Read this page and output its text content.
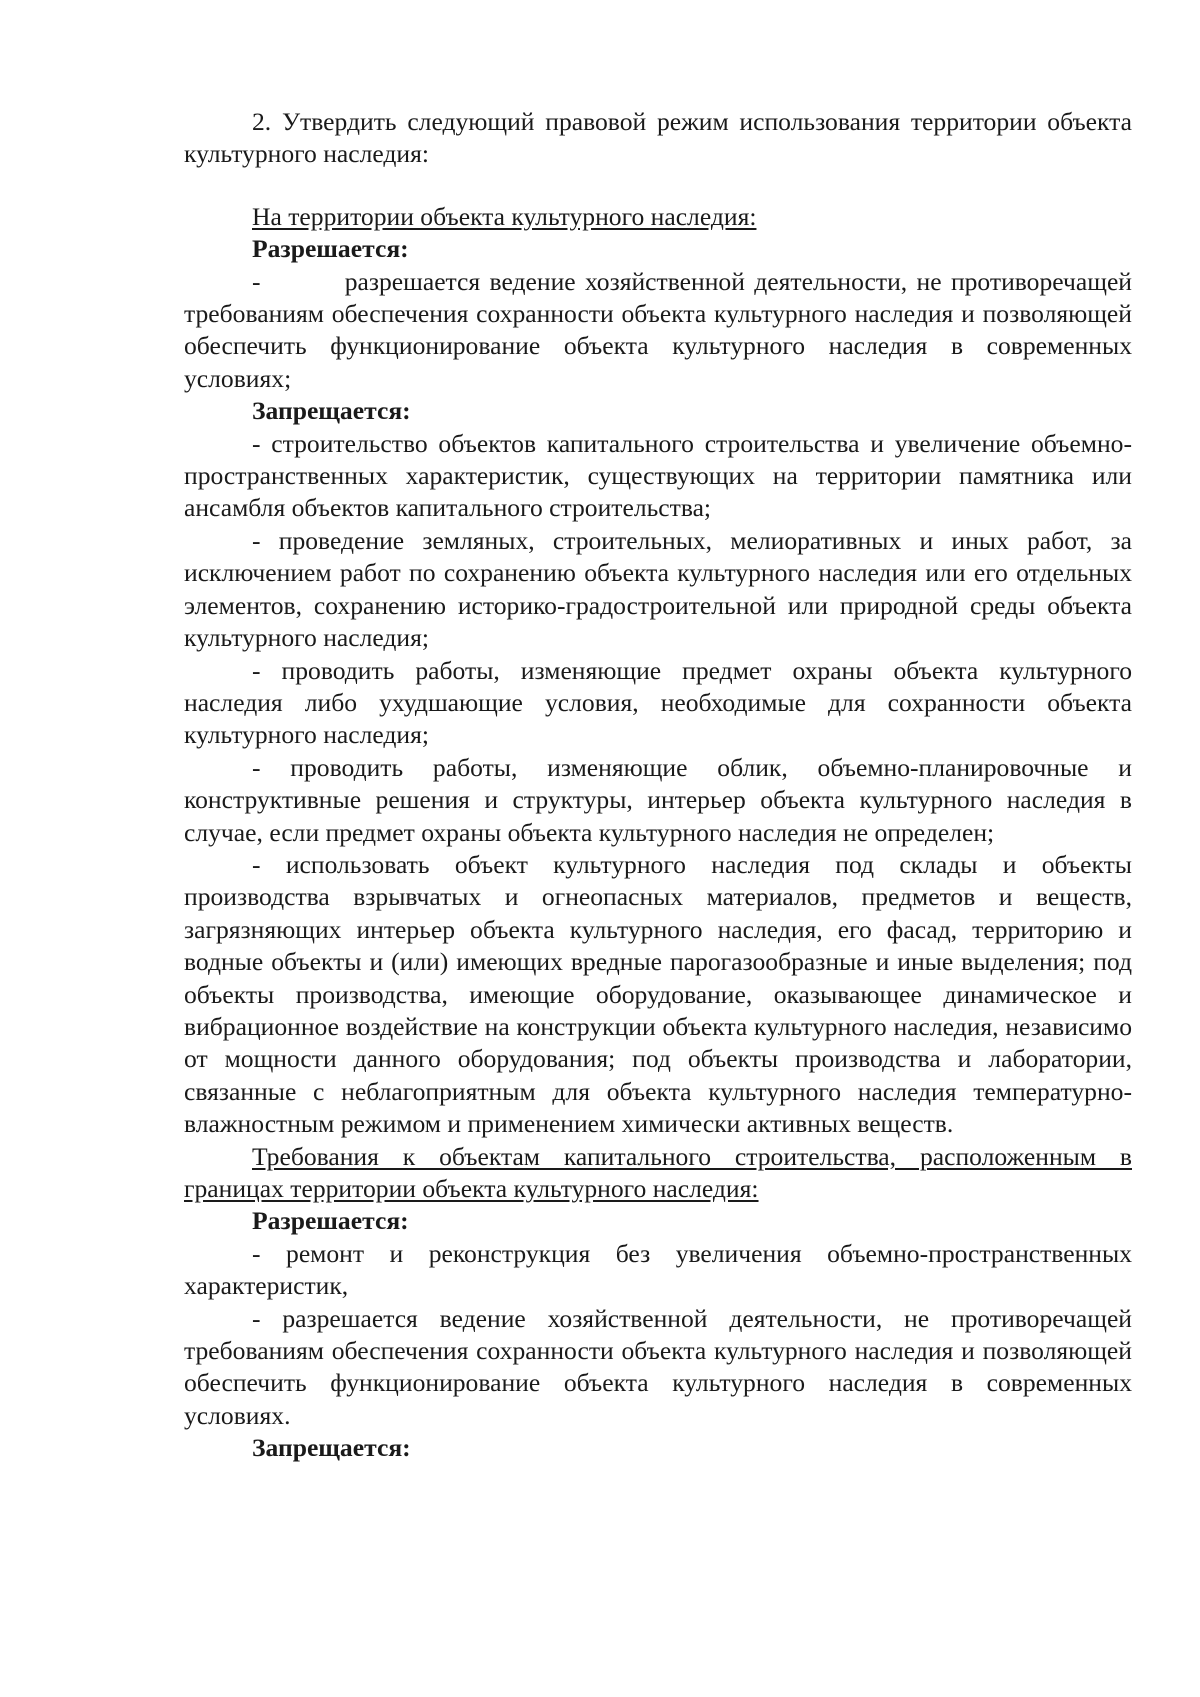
2. Утвердить следующий правовой режим использования территории объекта культурного наследия:

На территории объекта культурного наследия:

Разрешается:

-         разрешается ведение хозяйственной деятельности, не противоречащей требованиям обеспечения сохранности объекта культурного наследия и позволяющей обеспечить функционирование объекта культурного наследия в современных условиях;

Запрещается:

- строительство объектов капитального строительства и увеличение объемно-пространственных характеристик, существующих на территории памятника или ансамбля объектов капитального строительства;

- проведение земляных, строительных, мелиоративных и иных работ, за исключением работ по сохранению объекта культурного наследия или его отдельных элементов, сохранению историко-градостроительной или природной среды объекта культурного наследия;

- проводить работы, изменяющие предмет охраны объекта культурного наследия либо ухудшающие условия, необходимые для сохранности объекта культурного наследия;

- проводить работы, изменяющие облик, объемно-планировочные и конструктивные решения и структуры, интерьер объекта культурного наследия в случае, если предмет охраны объекта культурного наследия не определен;

- использовать объект культурного наследия под склады и объекты производства взрывчатых и огнеопасных материалов, предметов и веществ, загрязняющих интерьер объекта культурного наследия, его фасад, территорию и водные объекты и (или) имеющих вредные парогазообразные и иные выделения; под объекты производства, имеющие оборудование, оказывающее динамическое и вибрационное воздействие на конструкции объекта культурного наследия, независимо от мощности данного оборудования; под объекты производства и лаборатории, связанные с неблагоприятным для объекта культурного наследия температурно-влажностным режимом и применением химически активных веществ.

Требования к объектам капитального строительства, расположенным в границах территории объекта культурного наследия:

Разрешается:

- ремонт и реконструкция без увеличения объемно-пространственных характеристик,

- разрешается ведение хозяйственной деятельности, не противоречащей требованиям обеспечения сохранности объекта культурного наследия и позволяющей обеспечить функционирование объекта культурного наследия в современных условиях.

Запрещается:
